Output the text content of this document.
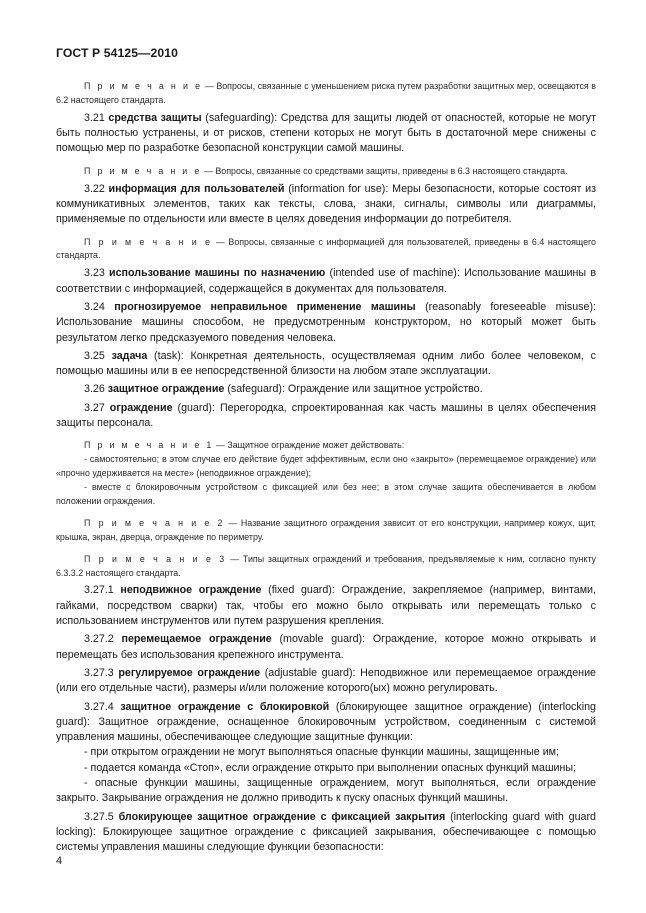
ГОСТ Р 54125—2010

П р и м е ч а н и е — Вопросы, связанные с уменьшением риска путем разработки защитных мер, освещаются в 6.2 настоящего стандарта.

3.21 средства защиты (safeguarding): Средства для защиты людей от опасностей, которые не могут быть полностью устранены, и от рисков, степени которых не могут быть в достаточной мере снижены с помощью мер по разработке безопасной конструкции самой машины.

П р и м е ч а н и е — Вопросы, связанные со средствами защиты, приведены в 6.3 настоящего стандарта.

3.22 информация для пользователей (information for use): Меры безопасности, которые состоят из коммуникативных элементов, таких как тексты, слова, знаки, сигналы, символы или диаграммы, применяемые по отдельности или вместе в целях доведения информации до потребителя.

П р и м е ч а н и е — Вопросы, связанные с информацией для пользователей, приведены в 6.4 настоящего стандарта.

3.23 использование машины по назначению (intended use of machine): Использование машины в соответствии с информацией, содержащейся в документах для пользователя.

3.24 прогнозируемое неправильное применение машины (reasonably foreseeable misuse): Использование машины способом, не предусмотренным конструктором, но который может быть результатом легко предсказуемого поведения человека.

3.25 задача (task): Конкретная деятельность, осуществляемая одним либо более человеком, с помощью машины или в ее непосредственной близости на любом этапе эксплуатации.

3.26 защитное ограждение (safeguard): Ограждение или защитное устройство.

3.27 ограждение (guard): Перегородка, спроектированная как часть машины в целях обеспечения защиты персонала.

П р и м е ч а н и е 1 — Защитное ограждение может действовать:

- самостоятельно; в этом случае его действие будет эффективным, если оно «закрыто» (перемещаемое ограждение) или «прочно удерживается на месте» (неподвижное ограждение);

- вместе с блокировочным устройством с фиксацией или без нее; в этом случае защита обеспечивается в любом положении ограждения.

П р и м е ч а н и е 2 — Название защитного ограждения зависит от его конструкции, например кожух, щит, крышка, экран, дверца, ограждение по периметру.

П р и м е ч а н и е 3 — Типы защитных ограждений и требования, предъявляемые к ним, согласно пункту 6.3.3.2 настоящего стандарта.

3.27.1 неподвижное ограждение (fixed guard): Ограждение, закрепляемое (например, винтами, гайками, посредством сварки) так, чтобы его можно было открывать или перемещать только с использованием инструментов или путем разрушения крепления.

3.27.2 перемещаемое ограждение (movable guard): Ограждение, которое можно открывать и перемещать без использования крепежного инструмента.

3.27.3 регулируемое ограждение (adjustable guard): Неподвижное или перемещаемое ограждение (или его отдельные части), размеры и/или положение которого(ых) можно регулировать.

3.27.4 защитное ограждение с блокировкой (блокирующее защитное ограждение) (interlocking guard): Защитное ограждение, оснащенное блокировочным устройством, соединенным с системой управления машины, обеспечивающее следующие защитные функции:

- при открытом ограждении не могут выполняться опасные функции машины, защищенные им;

- подается команда «Стоп», если ограждение открыто при выполнении опасных функций машины;

- опасные функции машины, защищенные ограждением, могут выполняться, если ограждение закрыто. Закрывание ограждения не должно приводить к пуску опасных функций машины.

3.27.5 блокирующее защитное ограждение с фиксацией закрытия (interlocking guard with guard locking): Блокирующее защитное ограждение с фиксацией закрывания, обеспечивающее с помощью системы управления машины следующие функции безопасности:

4
